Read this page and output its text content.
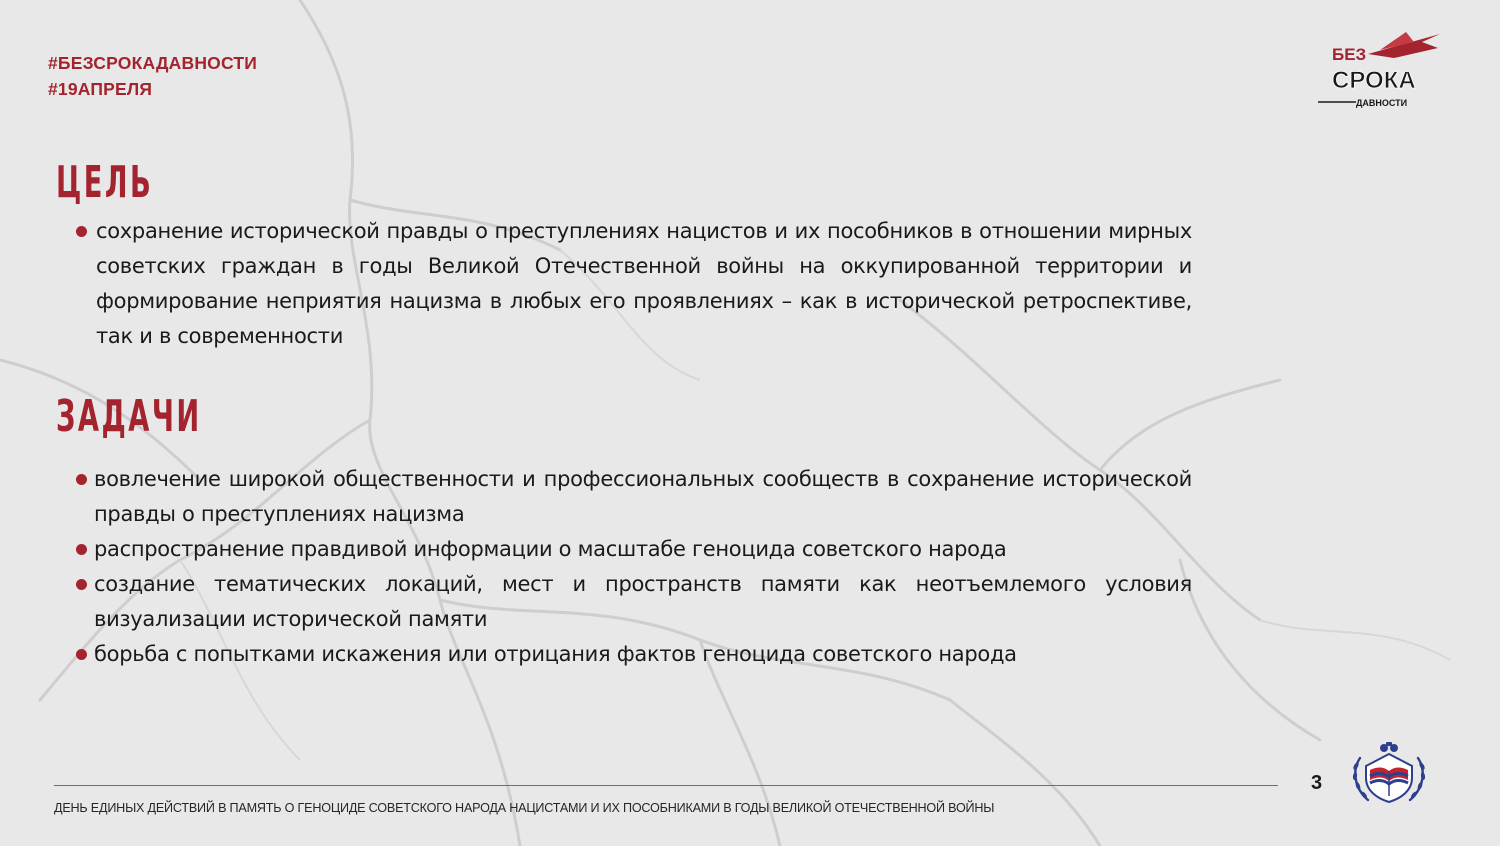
#БЕЗСРОКАДАВНОСТИ
#19АПРЕЛЯ
БЕЗ
СРОКА
ДАВНОСТИ
ЦЕЛЬ
сохранение исторической правды о преступлениях нацистов и их пособников в отношении мирных советских граждан в годы Великой Отечественной войны на оккупированной территории и формирование неприятия нацизма в любых его проявлениях – как в исторической ретроспективе, так и в современности
ЗАДАЧИ
вовлечение широкой общественности и профессиональных сообществ в сохранение исторической правды о преступлениях нацизма
распространение правдивой информации о масштабе геноцида советского народа
создание тематических локаций, мест и пространств памяти как неотъемлемого условия визуализации исторической памяти
борьба с попытками искажения или отрицания фактов геноцида советского народа
ДЕНЬ ЕДИНЫХ ДЕЙСТВИЙ В ПАМЯТЬ О ГЕНОЦИДЕ СОВЕТСКОГО НАРОДА НАЦИСТАМИ И ИХ ПОСОБНИКАМИ В ГОДЫ ВЕЛИКОЙ ОТЕЧЕСТВЕННОЙ ВОЙНЫ
3
